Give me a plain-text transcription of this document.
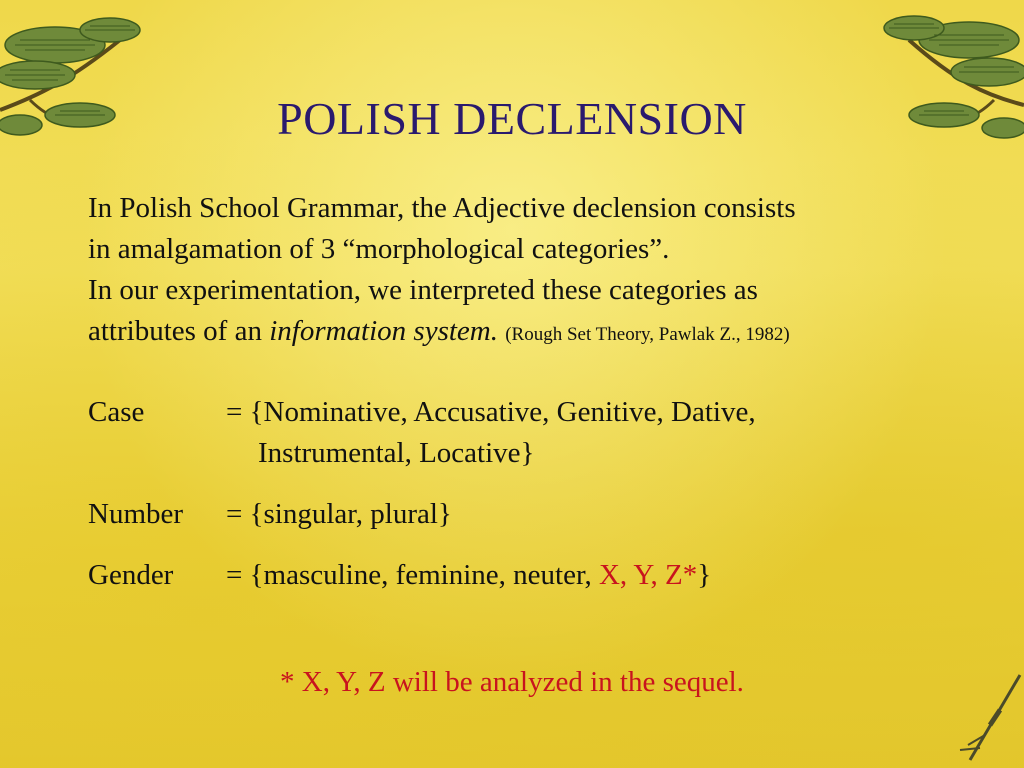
POLISH DECLENSION
In Polish School Grammar, the Adjective declension consists
in amalgamation of 3 “morphological categories”.
In our experimentation, we interpreted these categories as
attributes of an information system. (Rough Set Theory, Pawlak Z., 1982)
Case	= {Nominative, Accusative, Genitive, Dative,
Instrumental, Locative}
Number	= {singular, plural}
Gender	= {masculine, feminine, neuter, X, Y, Z*}
* X, Y, Z will be analyzed in the sequel.
